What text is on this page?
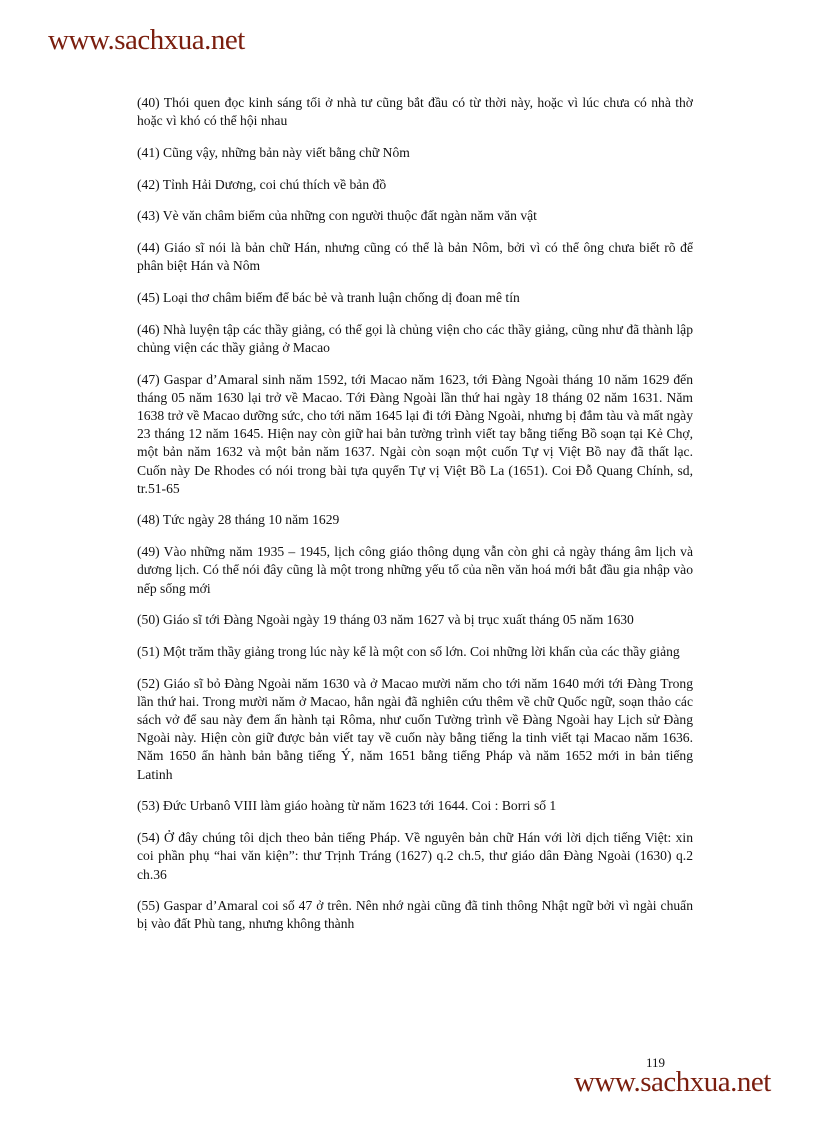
www.sachxua.net

(40) Thói quen đọc kinh sáng tối ở nhà tư cũng bắt đầu có từ thời này, hoặc vì lúc chưa có nhà thờ hoặc vì khó có thể hội nhau

(41) Cũng vậy, những bản này viết bằng chữ Nôm

(42) Tỉnh Hải Dương, coi chú thích về bản đồ

(43) Vè văn châm biếm của những con người thuộc đất ngàn năm văn vật

(44) Giáo sĩ nói là bản chữ Hán, nhưng cũng có thể là bản Nôm, bởi vì có thể ông chưa biết rõ để phân biệt Hán và Nôm

(45) Loại thơ châm biếm để bác bẻ và tranh luận chống dị đoan mê tín

(46) Nhà luyện tập các thầy giảng, có thể gọi là chủng viện cho các thầy giảng, cũng như đã thành lập chủng viện các thầy giảng ở Macao

(47) Gaspar d’Amaral sinh năm 1592, tới Macao năm 1623, tới Đàng Ngoài tháng 10 năm 1629 đến tháng 05 năm 1630 lại trở về Macao. Tới Đàng Ngoài lần thứ hai ngày 18 tháng 02 năm 1631. Năm 1638 trở về Macao dưỡng sức, cho tới năm 1645 lại đi tới Đàng Ngoài, nhưng bị đắm tàu và mất ngày 23 tháng 12 năm 1645. Hiện nay còn giữ hai bản tường trình viết tay bằng tiếng Bồ soạn tại Kẻ Chợ, một bản năm 1632 và một bản năm 1637. Ngài còn soạn một cuốn Tự vị Việt Bồ nay đã thất lạc. Cuốn này De Rhodes có nói trong bài tựa quyển Tự vị Việt Bồ La (1651). Coi Đỗ Quang Chính, sd, tr.51-65

(48) Tức ngày 28 tháng 10 năm 1629

(49) Vào những năm 1935 – 1945, lịch công giáo thông dụng vẫn còn ghi cả ngày tháng âm lịch và dương lịch. Có thể nói đây cũng là một trong những yếu tố của nền văn hoá mới bắt đầu gia nhập vào nếp sống mới

(50) Giáo sĩ tới Đàng Ngoài ngày 19 tháng 03 năm 1627 và bị trục xuất tháng 05 năm 1630

(51) Một trăm thầy giảng trong lúc này kể là một con số lớn. Coi những lời khấn của các thầy giảng

(52) Giáo sĩ bỏ Đàng Ngoài năm 1630 và ở Macao mười năm cho tới năm 1640 mới tới Đàng Trong lần thứ hai. Trong mười năm ở Macao, hẳn ngài đã nghiên cứu thêm về chữ Quốc ngữ, soạn thảo các sách vở để sau này đem ấn hành tại Rôma, như cuốn Tường trình về Đàng Ngoài hay Lịch sử Đàng Ngoài này. Hiện còn giữ được bản viết tay về cuốn này bằng tiếng la tinh viết tại Macao năm 1636. Năm 1650 ấn hành bản bằng tiếng Ý, năm 1651 bằng tiếng Pháp và năm 1652 mới in bản tiếng Latinh

(53) Đức Urbanô VIII làm giáo hoàng từ năm 1623 tới 1644. Coi : Borri số 1

(54) Ở đây chúng tôi dịch theo bản tiếng Pháp. Về nguyên bản chữ Hán với lời dịch tiếng Việt: xin coi phần phụ “hai văn kiện”: thư Trịnh Tráng (1627) q.2 ch.5, thư giáo dân Đàng Ngoài (1630) q.2 ch.36

(55) Gaspar d’Amaral coi số 47 ở trên. Nên nhớ ngài cũng đã tinh thông Nhật ngữ bởi vì ngài chuẩn bị vào đất Phù tang, nhưng không thành

119
www.sachxua.net
